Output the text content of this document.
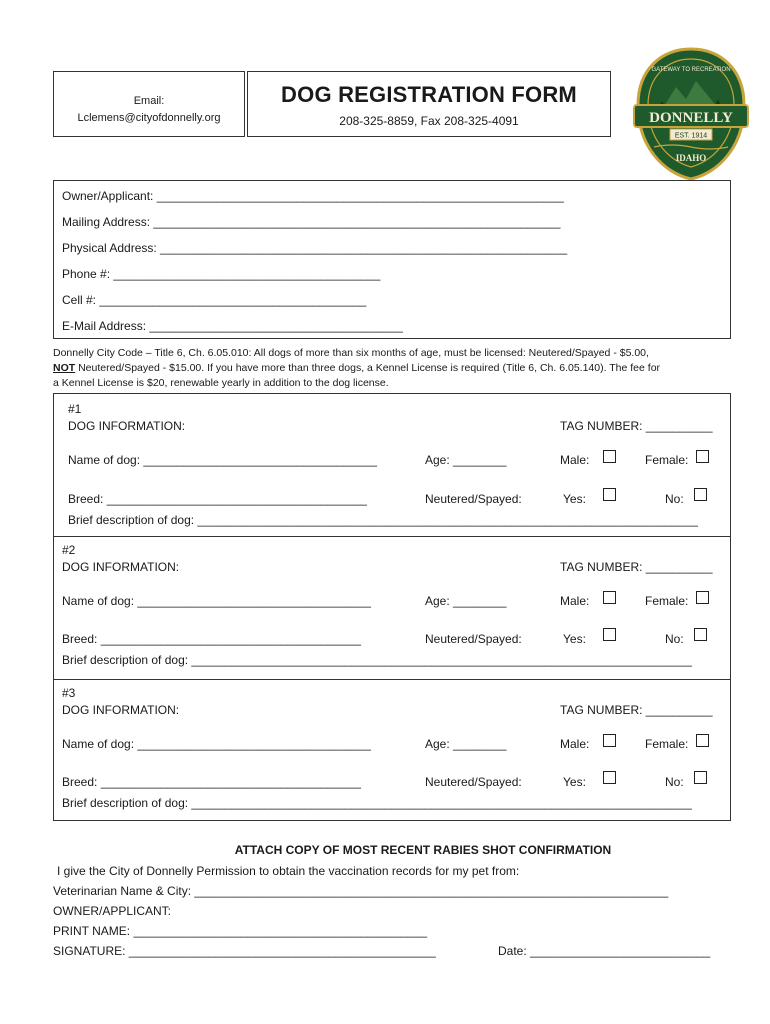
Email:
Lclemens@cityofdonnelly.org
DOG REGISTRATION FORM
208-325-8859, Fax 208-325-4091	DONNELLY
EST. 1914
IDAHO
GATEWAY TO RECREATION
Owner/Applicant: _____________________________________________________________
Mailing Address: _____________________________________________________________
Physical Address: _____________________________________________________________
Phone #: ________________________________________
Cell #: ________________________________________
E-Mail Address: ______________________________________
Donnelly City Code – Title 6, Ch. 6.05.010: All dogs of more than six months of age, must be licensed: Neutered/Spayed - $5.00,
NOT Neutered/Spayed - $15.00. If you have more than three dogs, a Kennel License is required (Title 6, Ch. 6.05.140). The fee for
a Kennel License is $20, renewable yearly in addition to the dog license.
#1
DOG INFORMATION:	TAG NUMBER: __________
Name of dog: ___________________________________	Age: ________	Male:	Female:
Breed: _______________________________________	Neutered/Spayed:	Yes:	No:
Brief description of dog: ___________________________________________________________________________
#2
DOG INFORMATION:	TAG NUMBER: __________
Name of dog: ___________________________________	Age: ________	Male:	Female:
Breed: _______________________________________	Neutered/Spayed:	Yes:	No:
Brief description of dog: ___________________________________________________________________________
#3
DOG INFORMATION:	TAG NUMBER: __________
Name of dog: ___________________________________	Age: ________	Male:	Female:
Breed: _______________________________________	Neutered/Spayed:	Yes:	No:
Brief description of dog: ___________________________________________________________________________
ATTACH COPY OF MOST RECENT RABIES SHOT CONFIRMATION
I give the City of Donnelly Permission to obtain the vaccination records for my pet from:
Veterinarian Name & City: _______________________________________________________________________
OWNER/APPLICANT:
PRINT NAME: ____________________________________________
SIGNATURE: ______________________________________________	Date: ___________________________
